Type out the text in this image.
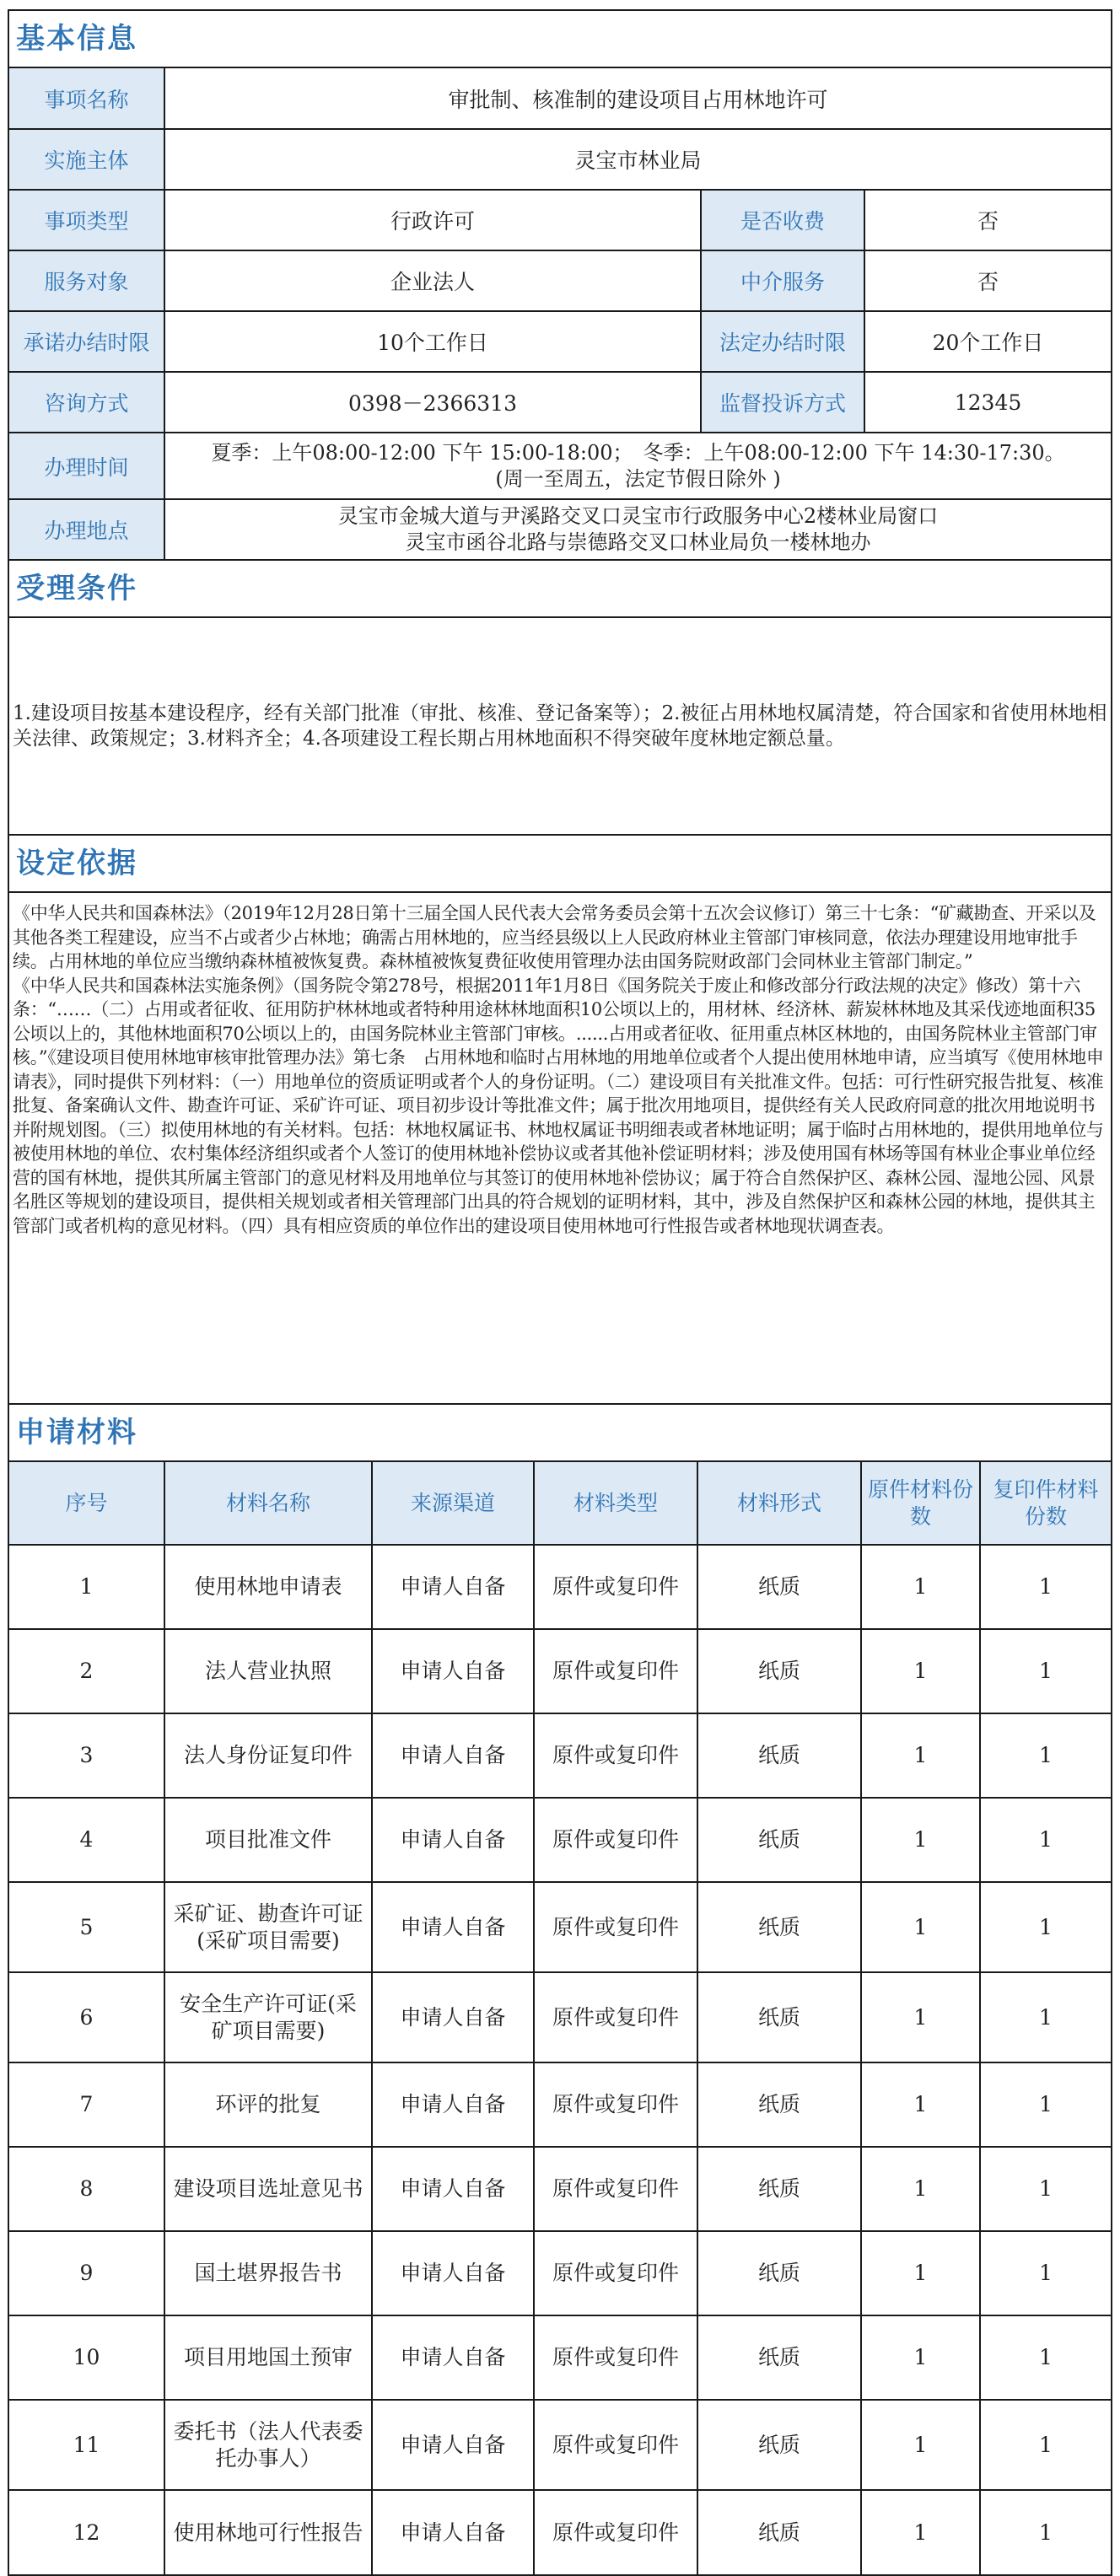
基本信息
事项名称	审批制、核准制的建设项目占用林地许可		
实施主体	灵宝市林业局		
事项类型	行政许可	是否收费	否
服务对象	企业法人	中介服务	否
承诺办结时限	10个工作日	法定办结时限	20个工作日
咨询方式	0398－2366313	监督投诉方式	12345
办理时间	夏季：上午08:00-12:00 下午 15:00-18:00；　冬季：上午08:00-12:00 下午 14:30-17:30。
(周一至周五，法定节假日除外 )		

办理地点	灵宝市金城大道与尹溪路交叉口灵宝市行政服务中心2楼林业局窗口
灵宝市函谷北路与崇德路交叉口林业局负一楼林地办		
受理条件
1.建设项目按基本建设程序，经有关部门批准（审批、核准、登记备案等）；2.被征占用林地权属清楚，符合国家和省使用林地相关法律、政策规定；3.材料齐全；4.各项建设工程长期占用林地面积不得突破年度林地定额总量。
设定依据
《中华人民共和国森林法》（2019年12月28日第十三届全国人民代表大会常务委员会第十五次会议修订）第三十七条：“矿藏勘查、开采以及其他各类工程建设，应当不占或者少占林地；确需占用林地的，应当经县级以上人民政府林业主管部门审核同意，依法办理建设用地审批手续。占用林地的单位应当缴纳森林植被恢复费。森林植被恢复费征收使用管理办法由国务院财政部门会同林业主管部门制定。”
《中华人民共和国森林法实施条例》（国务院令第278号，根据2011年1月8日《国务院关于废止和修改部分行政法规的决定》修改）第十六条：“……（二）占用或者征收、征用防护林林地或者特种用途林林地面积10公顷以上的，用材林、经济林、薪炭林林地及其采伐迹地面积35公顷以上的，其他林地面积70公顷以上的，由国务院林业主管部门审核。......占用或者征收、征用重点林区林地的，由国务院林业主管部门审核。”《建设项目使用林地审核审批管理办法》第七条　占用林地和临时占用林地的用地单位或者个人提出使用林地申请，应当填写《使用林地申请表》，同时提供下列材料：（一）用地单位的资质证明或者个人的身份证明。（二）建设项目有关批准文件。包括：可行性研究报告批复、核准批复、备案确认文件、勘查许可证、采矿许可证、项目初步设计等批准文件；属于批次用地项目，提供经有关人民政府同意的批次用地说明书并附规划图。（三）拟使用林地的有关材料。包括：林地权属证书、林地权属证书明细表或者林地证明；属于临时占用林地的，提供用地单位与被使用林地的单位、农村集体经济组织或者个人签订的使用林地补偿协议或者其他补偿证明材料；涉及使用国有林场等国有林业企事业单位经营的国有林地，提供其所属主管部门的意见材料及用地单位与其签订的使用林地补偿协议；属于符合自然保护区、森林公园、湿地公园、风景名胜区等规划的建设项目，提供相关规划或者相关管理部门出具的符合规划的证明材料，其中，涉及自然保护区和森林公园的林地，提供其主管部门或者机构的意见材料。（四）具有相应资质的单位作出的建设项目使用林地可行性报告或者林地现状调查表。
申请材料
序号	材料名称	来源渠道	材料类型	材料形式	原件材料份数	复印件材料份数
1	使用林地申请表	申请人自备	原件或复印件	纸质	1	1
2	法人营业执照	申请人自备	原件或复印件	纸质	1	1
3	法人身份证复印件	申请人自备	原件或复印件	纸质	1	1
4	项目批准文件	申请人自备	原件或复印件	纸质	1	1
5	采矿证、勘查许可证(采矿项目需要)	申请人自备	原件或复印件	纸质	1	1
6	安全生产许可证(采矿项目需要)	申请人自备	原件或复印件	纸质	1	1
7	环评的批复	申请人自备	原件或复印件	纸质	1	1
8	建设项目选址意见书	申请人自备	原件或复印件	纸质	1	1
9	国土堪界报告书	申请人自备	原件或复印件	纸质	1	1
10	项目用地国土预审	申请人自备	原件或复印件	纸质	1	1
11	委托书（法人代表委托办事人）	申请人自备	原件或复印件	纸质	1	1
12	使用林地可行性报告	申请人自备	原件或复印件	纸质	1	1
